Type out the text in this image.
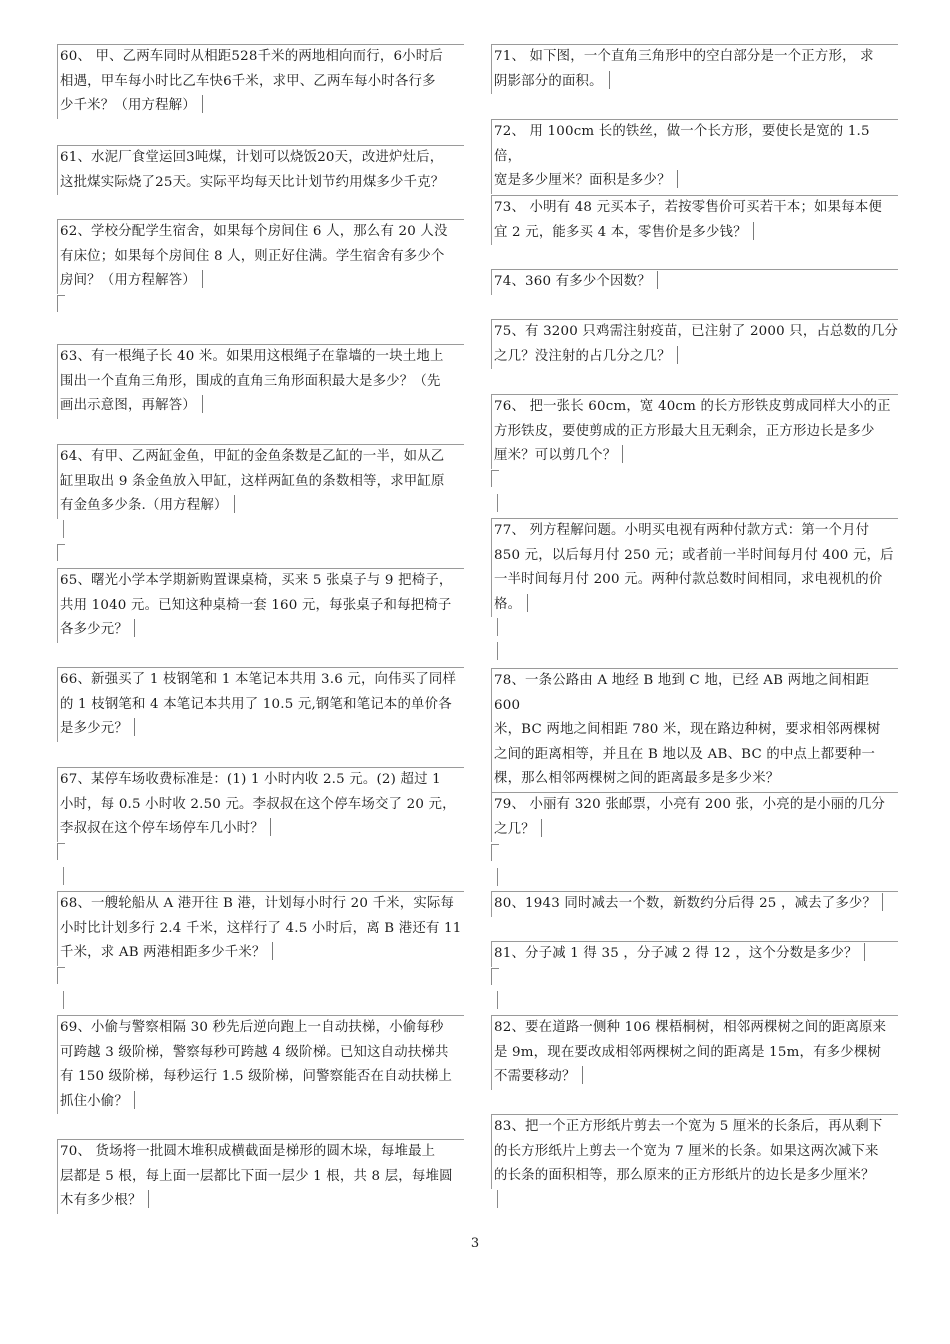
60、 甲、乙两车同时从相距528千米的两地相向而行，6小时后
相遇，甲车每小时比乙车快6千米，求甲、乙两车每小时各行多
少千米？（用方程解）
61、水泥厂食堂运回3吨煤，计划可以烧饭20天，改进炉灶后，
这批煤实际烧了25天。实际平均每天比计划节约用煤多少千克？
62、学校分配学生宿舍，如果每个房间住 6 人，那么有 20 人没
有床位；如果每个房间住 8 人，则正好住满。学生宿舍有多少个
房间？（用方程解答）
63、有一根绳子长 40 米。如果用这根绳子在靠墙的一块土地上
围出一个直角三角形，围成的直角三角形面积最大是多少？（先
画出示意图，再解答）
64、有甲、乙两缸金鱼，甲缸的金鱼条数是乙缸的一半，如从乙
缸里取出 9 条金鱼放入甲缸，这样两缸鱼的条数相等，求甲缸原
有金鱼多少条.（用方程解）
65、曙光小学本学期新购置课桌椅，买来 5 张桌子与 9 把椅子，
共用 1040 元。已知这种桌椅一套 160 元，每张桌子和每把椅子
各多少元？
66、新强买了 1 枝钢笔和 1 本笔记本共用 3.6 元，向伟买了同样
的 1 枝钢笔和 4 本笔记本共用了 10.5 元,钢笔和笔记本的单价各
是多少元？
67、某停车场收费标准是：(1) 1 小时内收 2.5 元。(2) 超过 1
小时，每 0.5 小时收 2.50 元。李叔叔在这个停车场交了 20 元，
李叔叔在这个停车场停车几小时？
68、一艘轮船从 A 港开往 B 港，计划每小时行 20 千米，实际每
小时比计划多行 2.4 千米，这样行了 4.5 小时后，离 B 港还有 11
千米，求 AB 两港相距多少千米？
69、小偷与警察相隔 30 秒先后逆向跑上一自动扶梯，小偷每秒
可跨越 3 级阶梯，警察每秒可跨越 4 级阶梯。已知这自动扶梯共
有 150 级阶梯，每秒运行 1.5 级阶梯，问警察能否在自动扶梯上
抓住小偷？
70、 货场将一批圆木堆积成横截面是梯形的圆木垛，每堆最上
层都是 5 根，每上面一层都比下面一层少 1 根，共 8 层，每堆圆
木有多少根？
71、 如下图，一个直角三角形中的空白部分是一个正方形， 求
阴影部分的面积。
72、 用 100cm 长的铁丝，做一个长方形，要使长是宽的 1.5 倍，
宽是多少厘米？面积是多少？
73、 小明有 48 元买本子，若按零售价可买若干本；如果每本便
宜 2 元，能多买 4 本，零售价是多少钱？
74、360 有多少个因数？
75、有 3200 只鸡需注射疫苗，已注射了 2000 只，占总数的几分
之几？没注射的占几分之几？
76、 把一张长 60cm，宽 40cm 的长方形铁皮剪成同样大小的正
方形铁皮，要使剪成的正方形最大且无剩余，正方形边长是多少
厘米？可以剪几个？
77、 列方程解问题。小明买电视有两种付款方式：第一个月付
850 元，以后每月付 250 元；或者前一半时间每月付 400 元，后
一半时间每月付 200 元。两种付款总数时间相同，求电视机的价
格。
78、一条公路由 A 地经 B 地到 C 地，已经 AB 两地之间相距 600
米，BC 两地之间相距 780 米，现在路边种树，要求相邻两棵树
之间的距离相等，并且在 B 地以及 AB、BC 的中点上都要种一
棵，那么相邻两棵树之间的距离最多是多少米？
79、 小丽有 320 张邮票，小亮有 200 张，小亮的是小丽的几分
之几？
80、1943 同时减去一个数，新数约分后得 25 ，减去了多少？
81、分子减 1 得 35 ，分子减 2 得 12 ，这个分数是多少？
82、要在道路一侧种 106 棵梧桐树，相邻两棵树之间的距离原来
是 9m，现在要改成相邻两棵树之间的距离是 15m，有多少棵树
不需要移动？
83、把一个正方形纸片剪去一个宽为 5 厘米的长条后，再从剩下
的长方形纸片上剪去一个宽为 7 厘米的长条。如果这两次减下来
的长条的面积相等，那么原来的正方形纸片的边长是多少厘米？
3
